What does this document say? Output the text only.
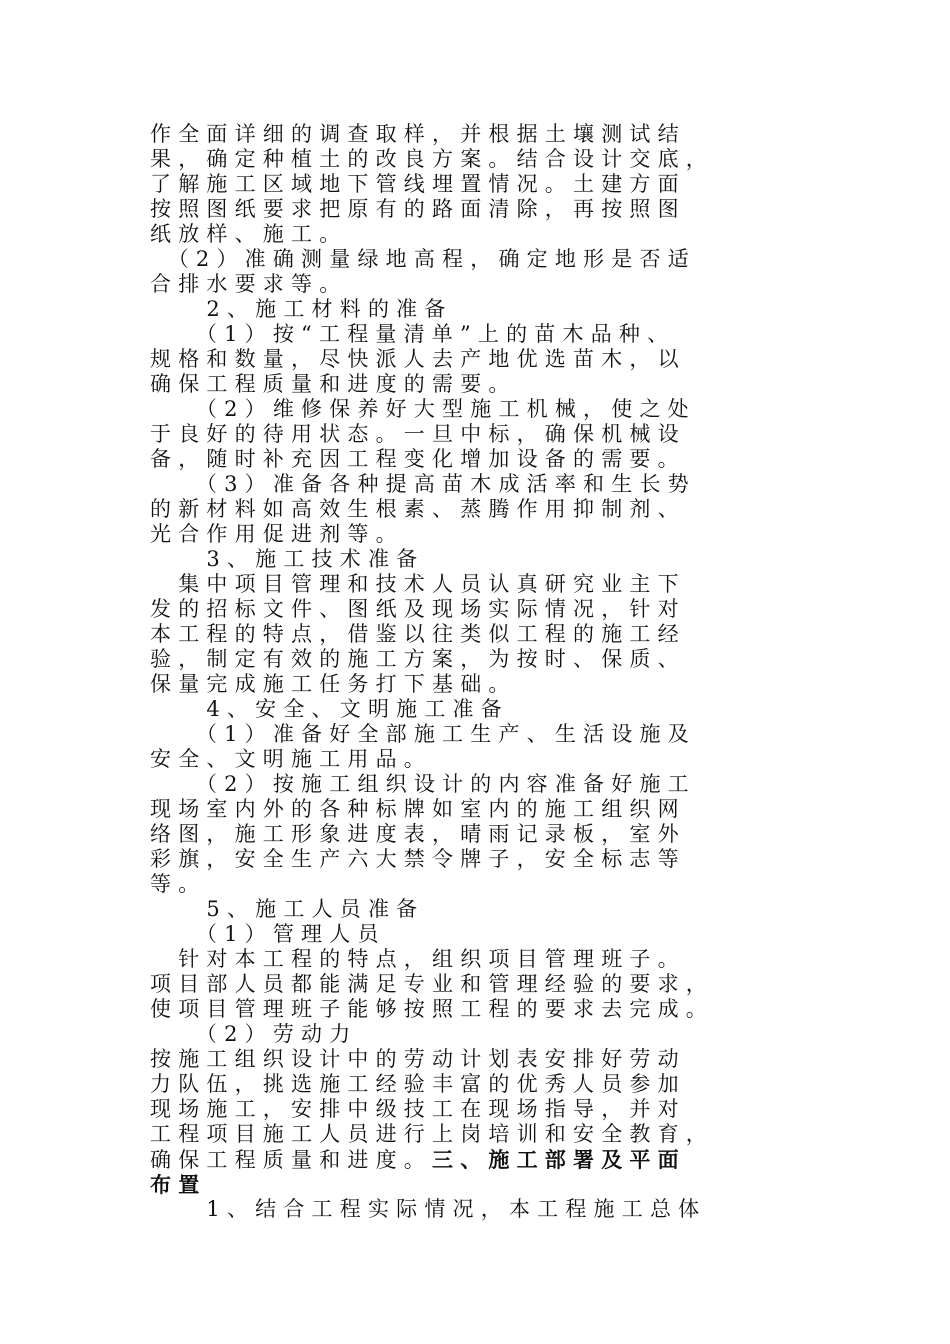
作全面详细的调查取样，并根据土壤测试结
果，确定种植土的改良方案。结合设计交底，
了解施工区域地下管线埋置情况。土建方面
按照图纸要求把原有的路面清除，再按照图
纸放样、施工。
　（2）准确测量绿地高程，确定地形是否适
合排水要求等。
　　2、施工材料的准备
　　（1）按“工程量清单”上的苗木品种、
规格和数量，尽快派人去产地优选苗木，以
确保工程质量和进度的需要。
　　（2）维修保养好大型施工机械，使之处
于良好的待用状态。一旦中标，确保机械设
备，随时补充因工程变化增加设备的需要。
　　（3）准备各种提高苗木成活率和生长势
的新材料如高效生根素、蒸腾作用抑制剂、
光合作用促进剂等。
　　3、施工技术准备
　集中项目管理和技术人员认真研究业主下
发的招标文件、图纸及现场实际情况，针对
本工程的特点，借鉴以往类似工程的施工经
验，制定有效的施工方案，为按时、保质、
保量完成施工任务打下基础。
　　4、安全、文明施工准备
　　（1）准备好全部施工生产、生活设施及
安全、文明施工用品。
　　（2）按施工组织设计的内容准备好施工
现场室内外的各种标牌如室内的施工组织网
络图，施工形象进度表，晴雨记录板，室外
彩旗，安全生产六大禁令牌子，安全标志等
等。
　　5、施工人员准备
　　（1）管理人员
　针对本工程的特点，组织项目管理班子。
项目部人员都能满足专业和管理经验的要求，
使项目管理班子能够按照工程的要求去完成。
　　（2）劳动力
按施工组织设计中的劳动计划表安排好劳动
力队伍，挑选施工经验丰富的优秀人员参加
现场施工，安排中级技工在现场指导，并对
工程项目施工人员进行上岗培训和安全教育，
确保工程质量和进度。三、施工部署及平面
布置
　　1、结合工程实际情况，本工程施工总体
